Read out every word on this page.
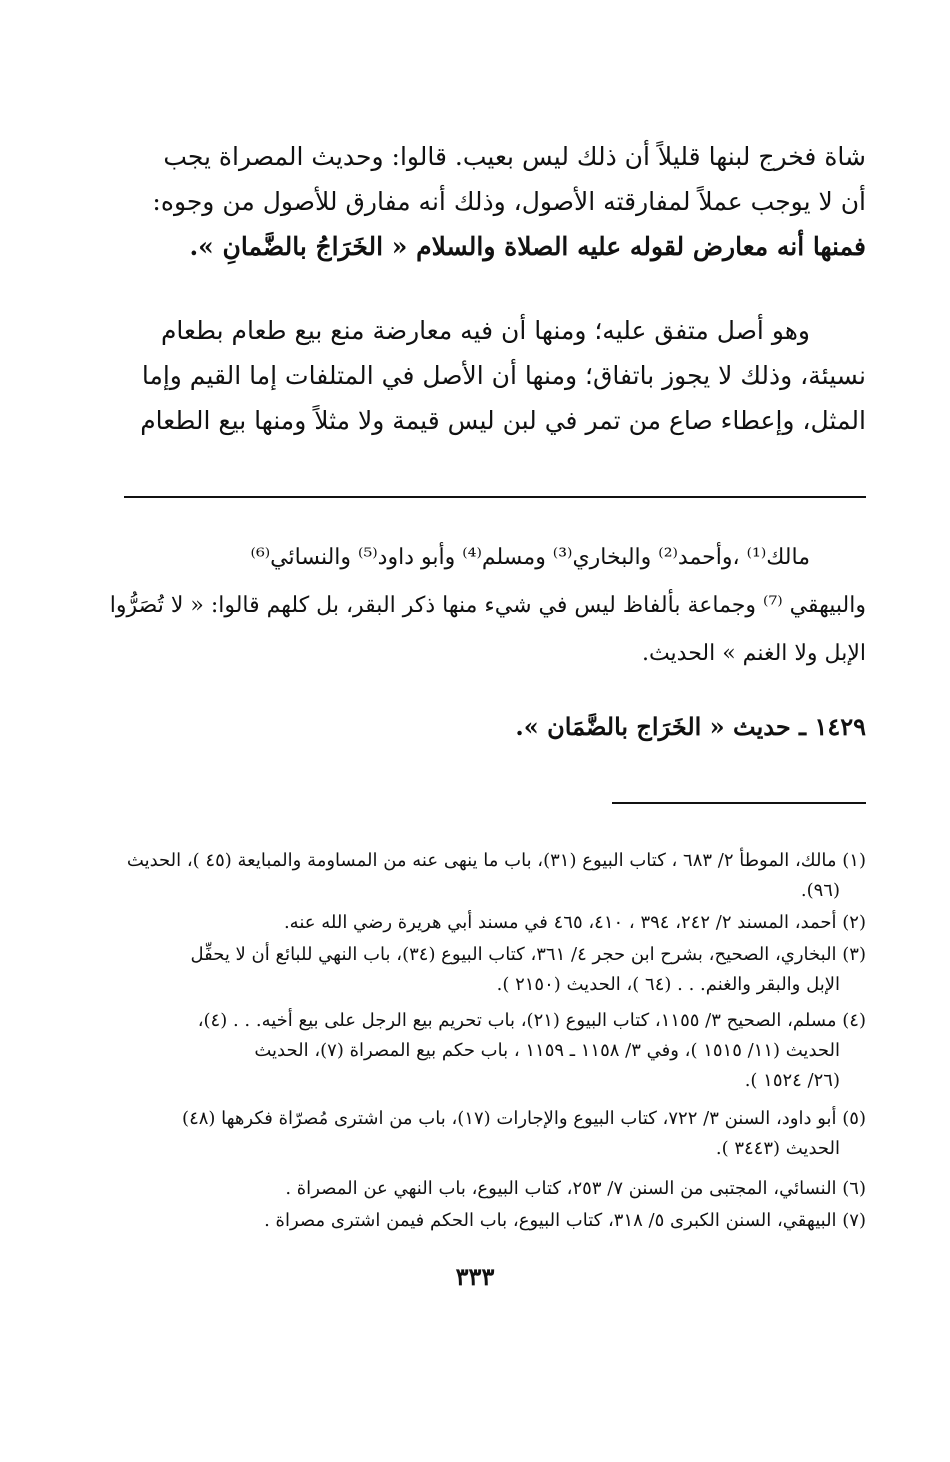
شاة فخرج لبنها قليلاً أن ذلك ليس بعيب. قالوا: وحديث المصراة يجب
أن لا يوجب عملاً لمفارقته الأصول، وذلك أنه مفارق للأصول من وجوه:
فمنها أنه معارض لقوله عليه الصلاة والسلام « الخَرَاجُ بالضَّمانِ ».
وهو أصل متفق عليه؛ ومنها أن فيه معارضة منع بيع طعام بطعام
نسيئة، وذلك لا يجوز باتفاق؛ ومنها أن الأصل في المتلفات إما القيم وإما
المثل، وإعطاء صاع من تمر في لبن ليس قيمة ولا مثلاً ومنها بيع الطعام
مالك⁽¹⁾ ،وأحمد⁽²⁾ والبخاري⁽³⁾ ومسلم⁽⁴⁾ وأبو داود⁽⁵⁾ والنسائي⁽⁶⁾
والبيهقي ⁽⁷⁾ وجماعة بألفاظ ليس في شيء منها ذكر البقر، بل كلهم قالوا: « لا تُصَرُّوا
الإبل ولا الغنم » الحديث.
١٤٢٩ ـ حديث « الخَرَاج بالضَّمَان ».
(١) مالك، الموطأ ٢/ ٦٨٣ ، كتاب البيوع (٣١)، باب ما ينهى عنه من المساومة والمبايعة (٤٥ )، الحديث
(٩٦).
(٢) أحمد، المسند ٢/ ٢٤٢، ٣٩٤ ، ٤١٠، ٤٦٥ في مسند أبي هريرة رضي الله عنه.
(٣) البخاري، الصحيح، بشرح ابن حجر ٤/ ٣٦١، كتاب البيوع (٣٤)، باب النهي للبائع أن لا يحفِّل
الإبل والبقر والغنم. . . (٦٤ )، الحديث (٢١٥٠ ).
(٤) مسلم، الصحيح ٣/ ١١٥٥، كتاب البيوع (٢١)، باب تحريم بيع الرجل على بيع أخيه. . . (٤)،
الحديث (١١/ ١٥١٥ )، وفي ٣/ ١١٥٨ ـ ١١٥٩ ، باب حكم بيع المصراة (٧)، الحديث
(٢٦/ ١٥٢٤ ).
(٥) أبو داود، السنن ٣/ ٧٢٢، كتاب البيوع والإجارات (١٧)، باب من اشترى مُصرّاة فكرهها (٤٨)
الحديث (٣٤٤٣ ).
(٦) النسائي، المجتبى من السنن ٧/ ٢٥٣، كتاب البيوع، باب النهي عن المصراة .
(٧) البيهقي، السنن الكبرى ٥/ ٣١٨، كتاب البيوع، باب الحكم فيمن اشترى مصراة .
٣٣٣
